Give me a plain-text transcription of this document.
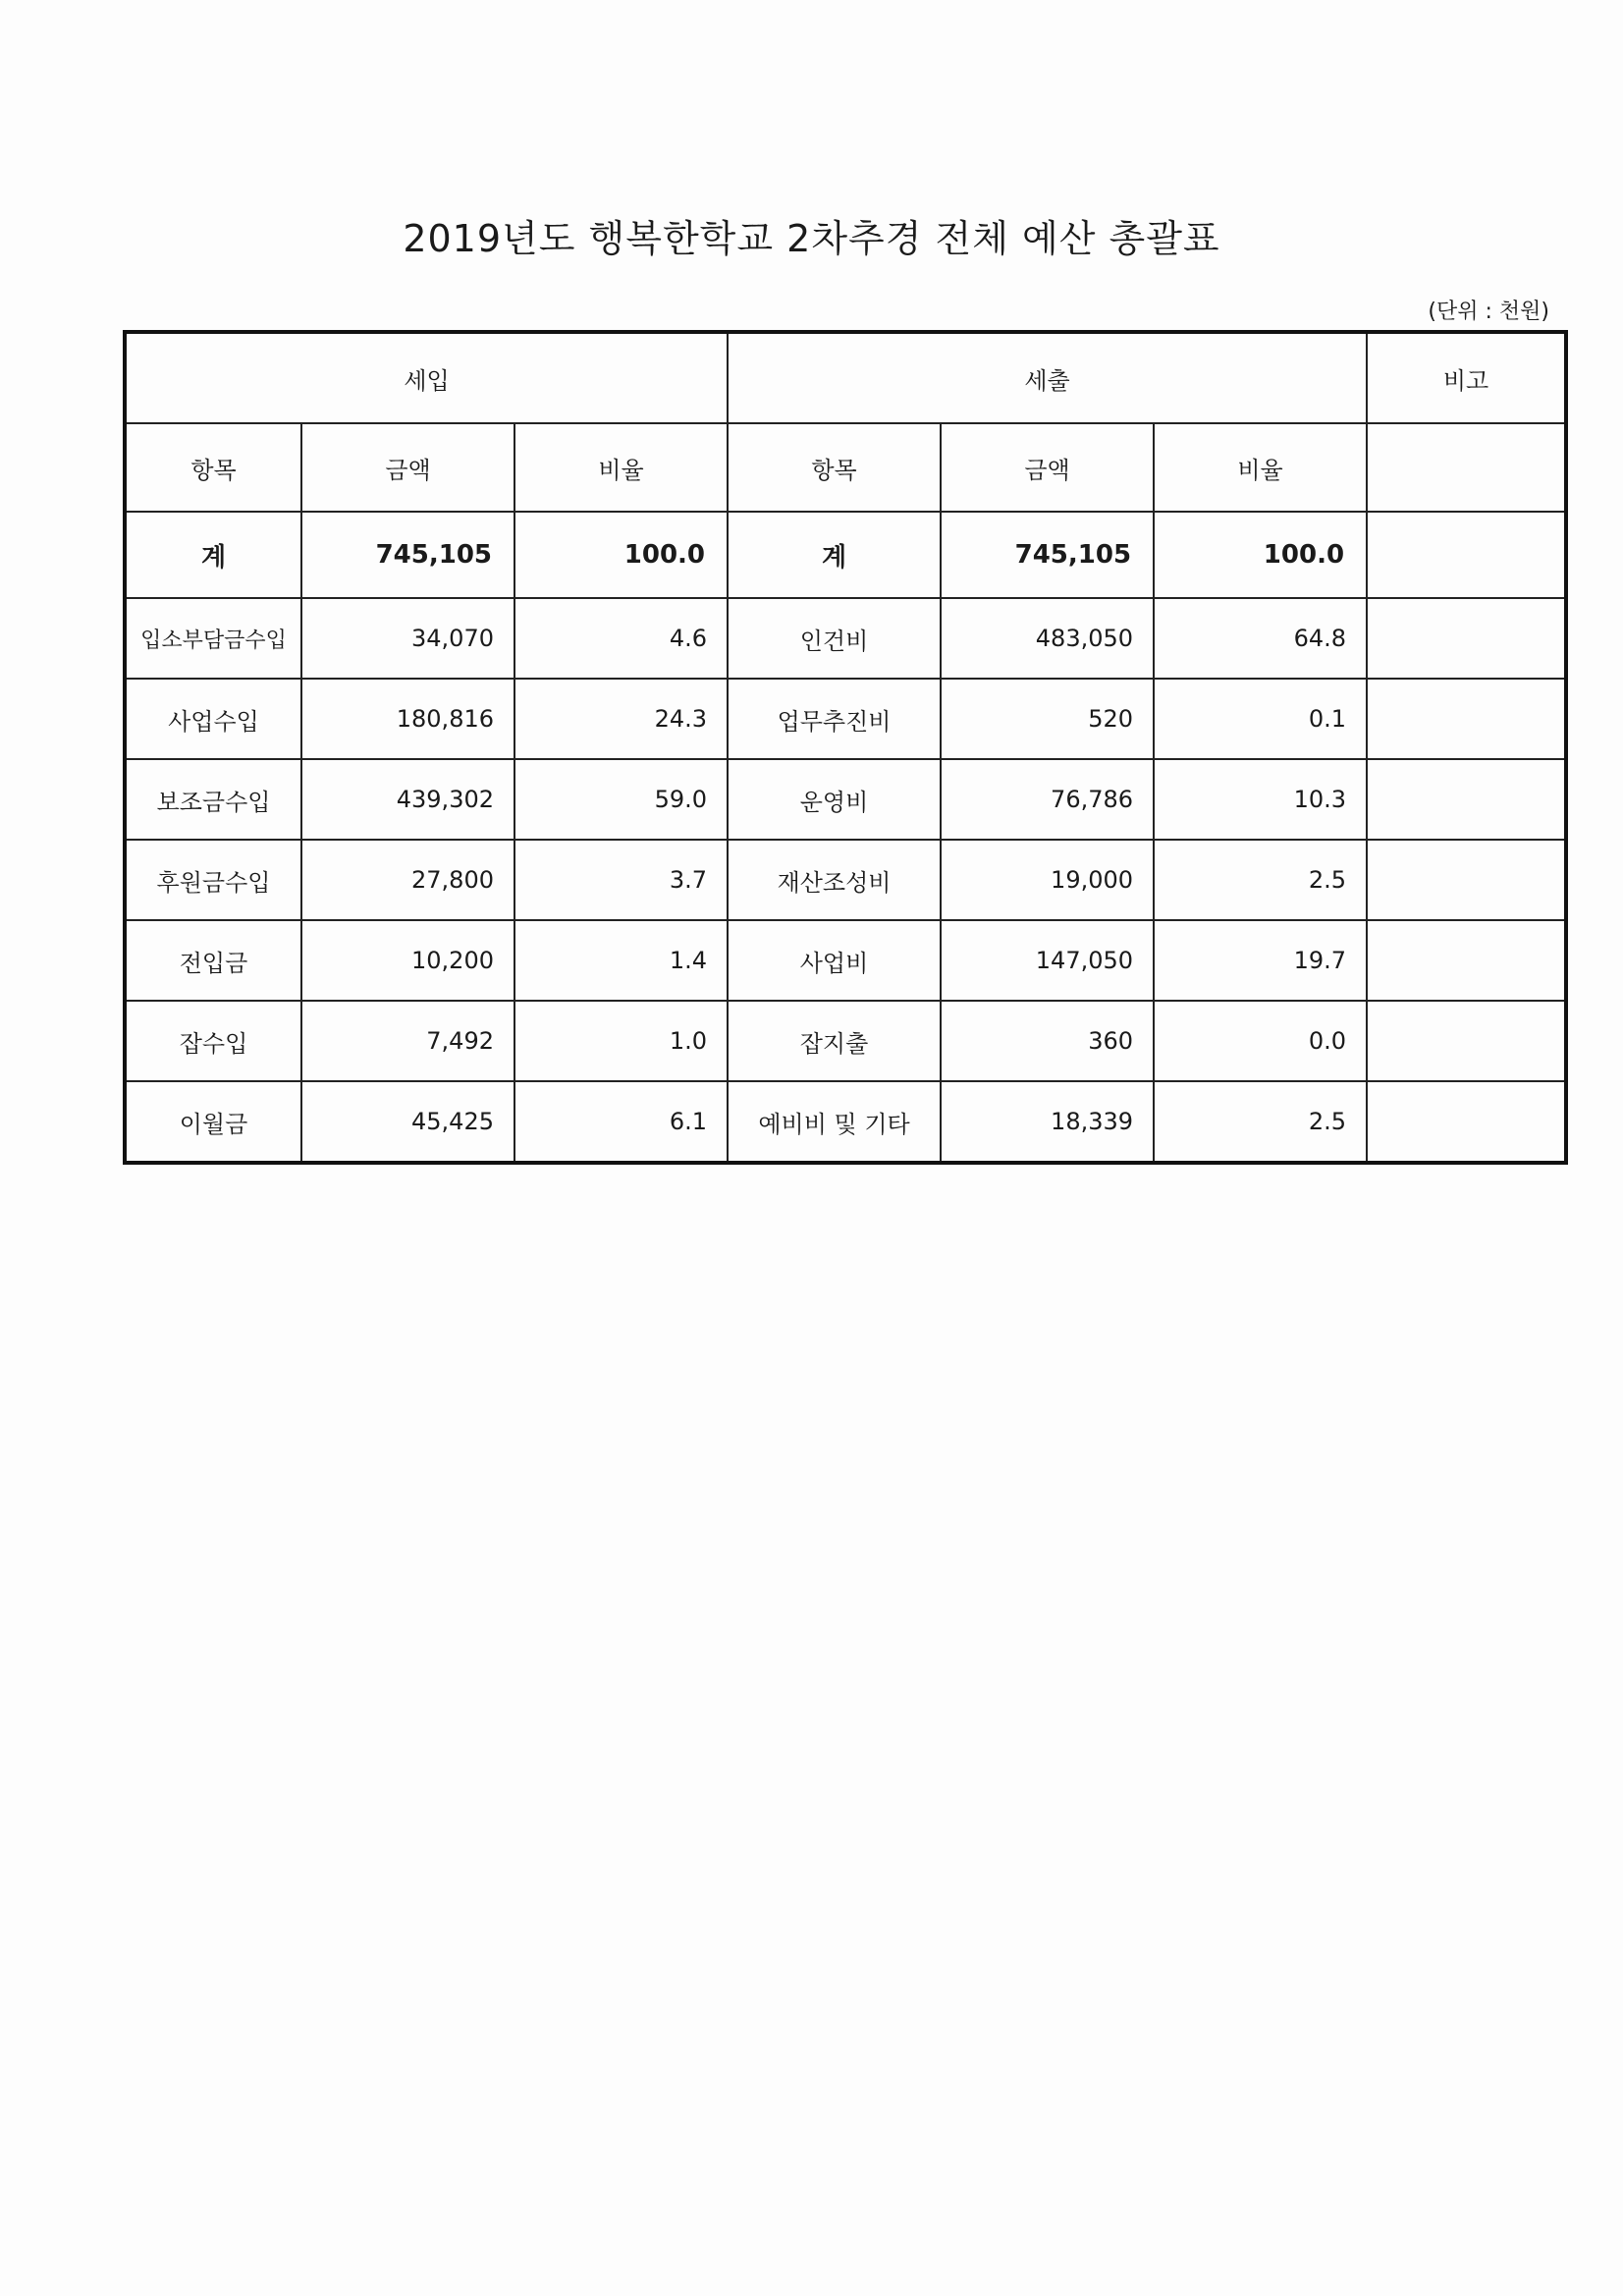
2019년도 행복한학교 2차추경 전체 예산 총괄표
(단위 : 천원)
세입			세출			비고
항목	금액	비율	항목	금액	비율	
계	745,105	100.0	계	745,105	100.0	
입소부담금수입	34,070	4.6	인건비	483,050	64.8	
사업수입	180,816	24.3	업무추진비	520	0.1	
보조금수입	439,302	59.0	운영비	76,786	10.3	
후원금수입	27,800	3.7	재산조성비	19,000	2.5	
전입금	10,200	1.4	사업비	147,050	19.7	
잡수입	7,492	1.0	잡지출	360	0.0	
이월금	45,425	6.1	예비비 및 기타	18,339	2.5	
